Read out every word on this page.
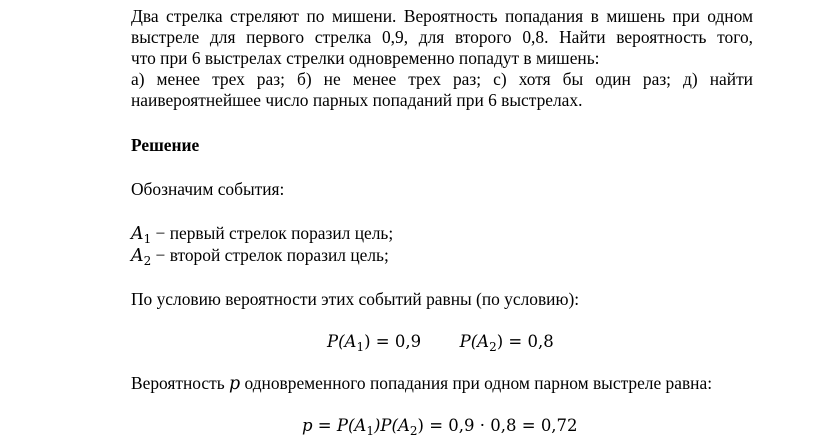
Два стрелка стреляют по мишени. Вероятность попадания в мишень при одном
выстреле для первого стрелка 0,9, для второго 0,8. Найти вероятность того,
что при 6 выстрелах стрелки одновременно попадут в мишень:
а) менее трех раз; б) не менее трех раз; с) хотя бы один раз; д) найти
наивероятнейшее число парных попаданий при 6 выстрелах.
Решение
Обозначим события:
$A_1$ − первый стрелок поразил цель;
$A_2$ − второй стрелок поразил цель;
По условию вероятности этих событий равны (по условию):
$P(A_1) = 0,9$ $P(A_2) = 0,8$
Вероятность p одновременного попадания при одном парном выстреле равна:
$p = P(A_1)P(A_2) = 0,9 \cdot 0,8 = 0,72$
